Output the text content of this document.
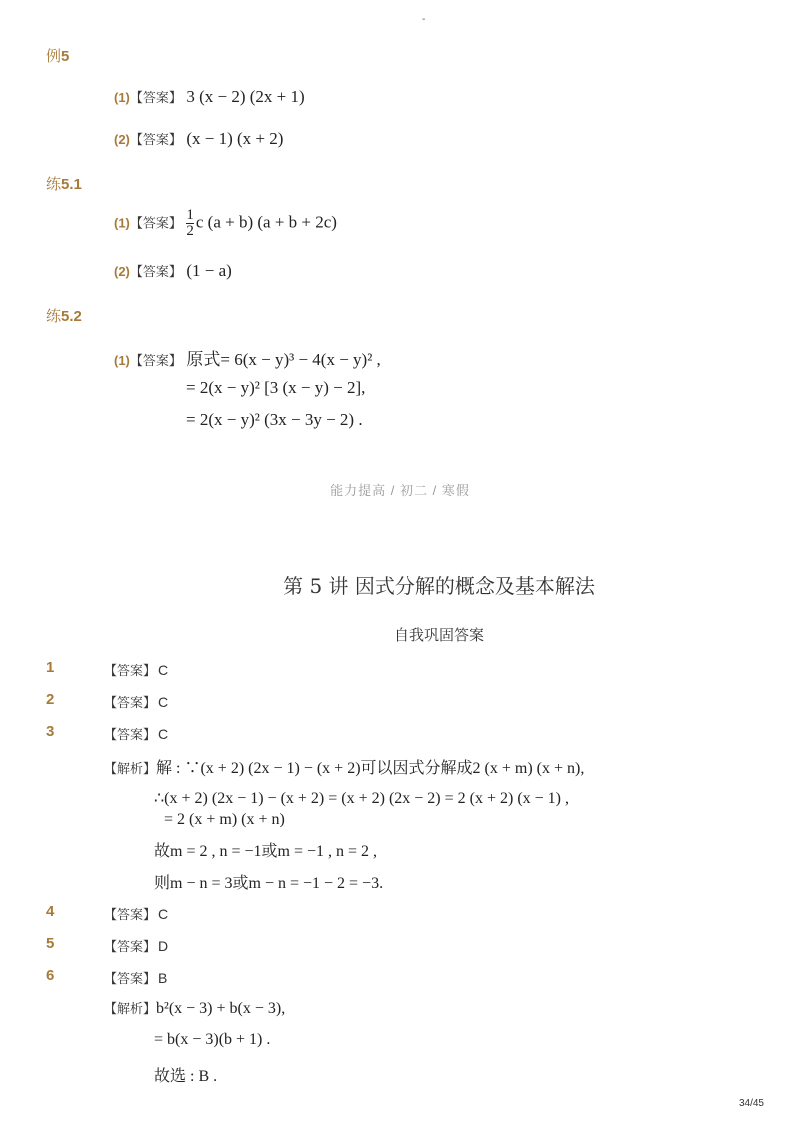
-
例5
(1)【答案】 3 (x − 2) (2x + 1)
(2)【答案】 (x − 1) (x + 2)
练5.1
(1)【答案】 $\frac{1}{2}$ c (a + b) (a + b + 2c)
(2)【答案】 (1 − a)
练5.2
(1)【答案】 原式= 6(x − y)³ − 4(x − y)² ,
= 2(x − y)² [3 (x − y) − 2],
= 2(x − y)² (3x − 3y − 2) .
能力提高 / 初二 / 寒假
第 5 讲 因式分解的概念及基本解法
自我巩固答案
1	【答案】 C
2	【答案】 C
3	【答案】 C
【解析】解 : ∵(x + 2) (2x − 1) − (x + 2)可以因式分解成2 (x + m) (x + n),
∴(x + 2) (2x − 1) − (x + 2) = (x + 2) (2x − 2) = 2 (x + 2) (x − 1) ,
= 2 (x + m) (x + n)
故m = 2 , n = −1或m = −1 , n = 2 ,
则m − n = 3或m − n = −1 − 2 = −3.
4	【答案】 C
5	【答案】 D
6	【答案】 B
【解析】b²(x − 3) + b(x − 3),
= b(x − 3)(b + 1) .
故选 : B .
34/45
